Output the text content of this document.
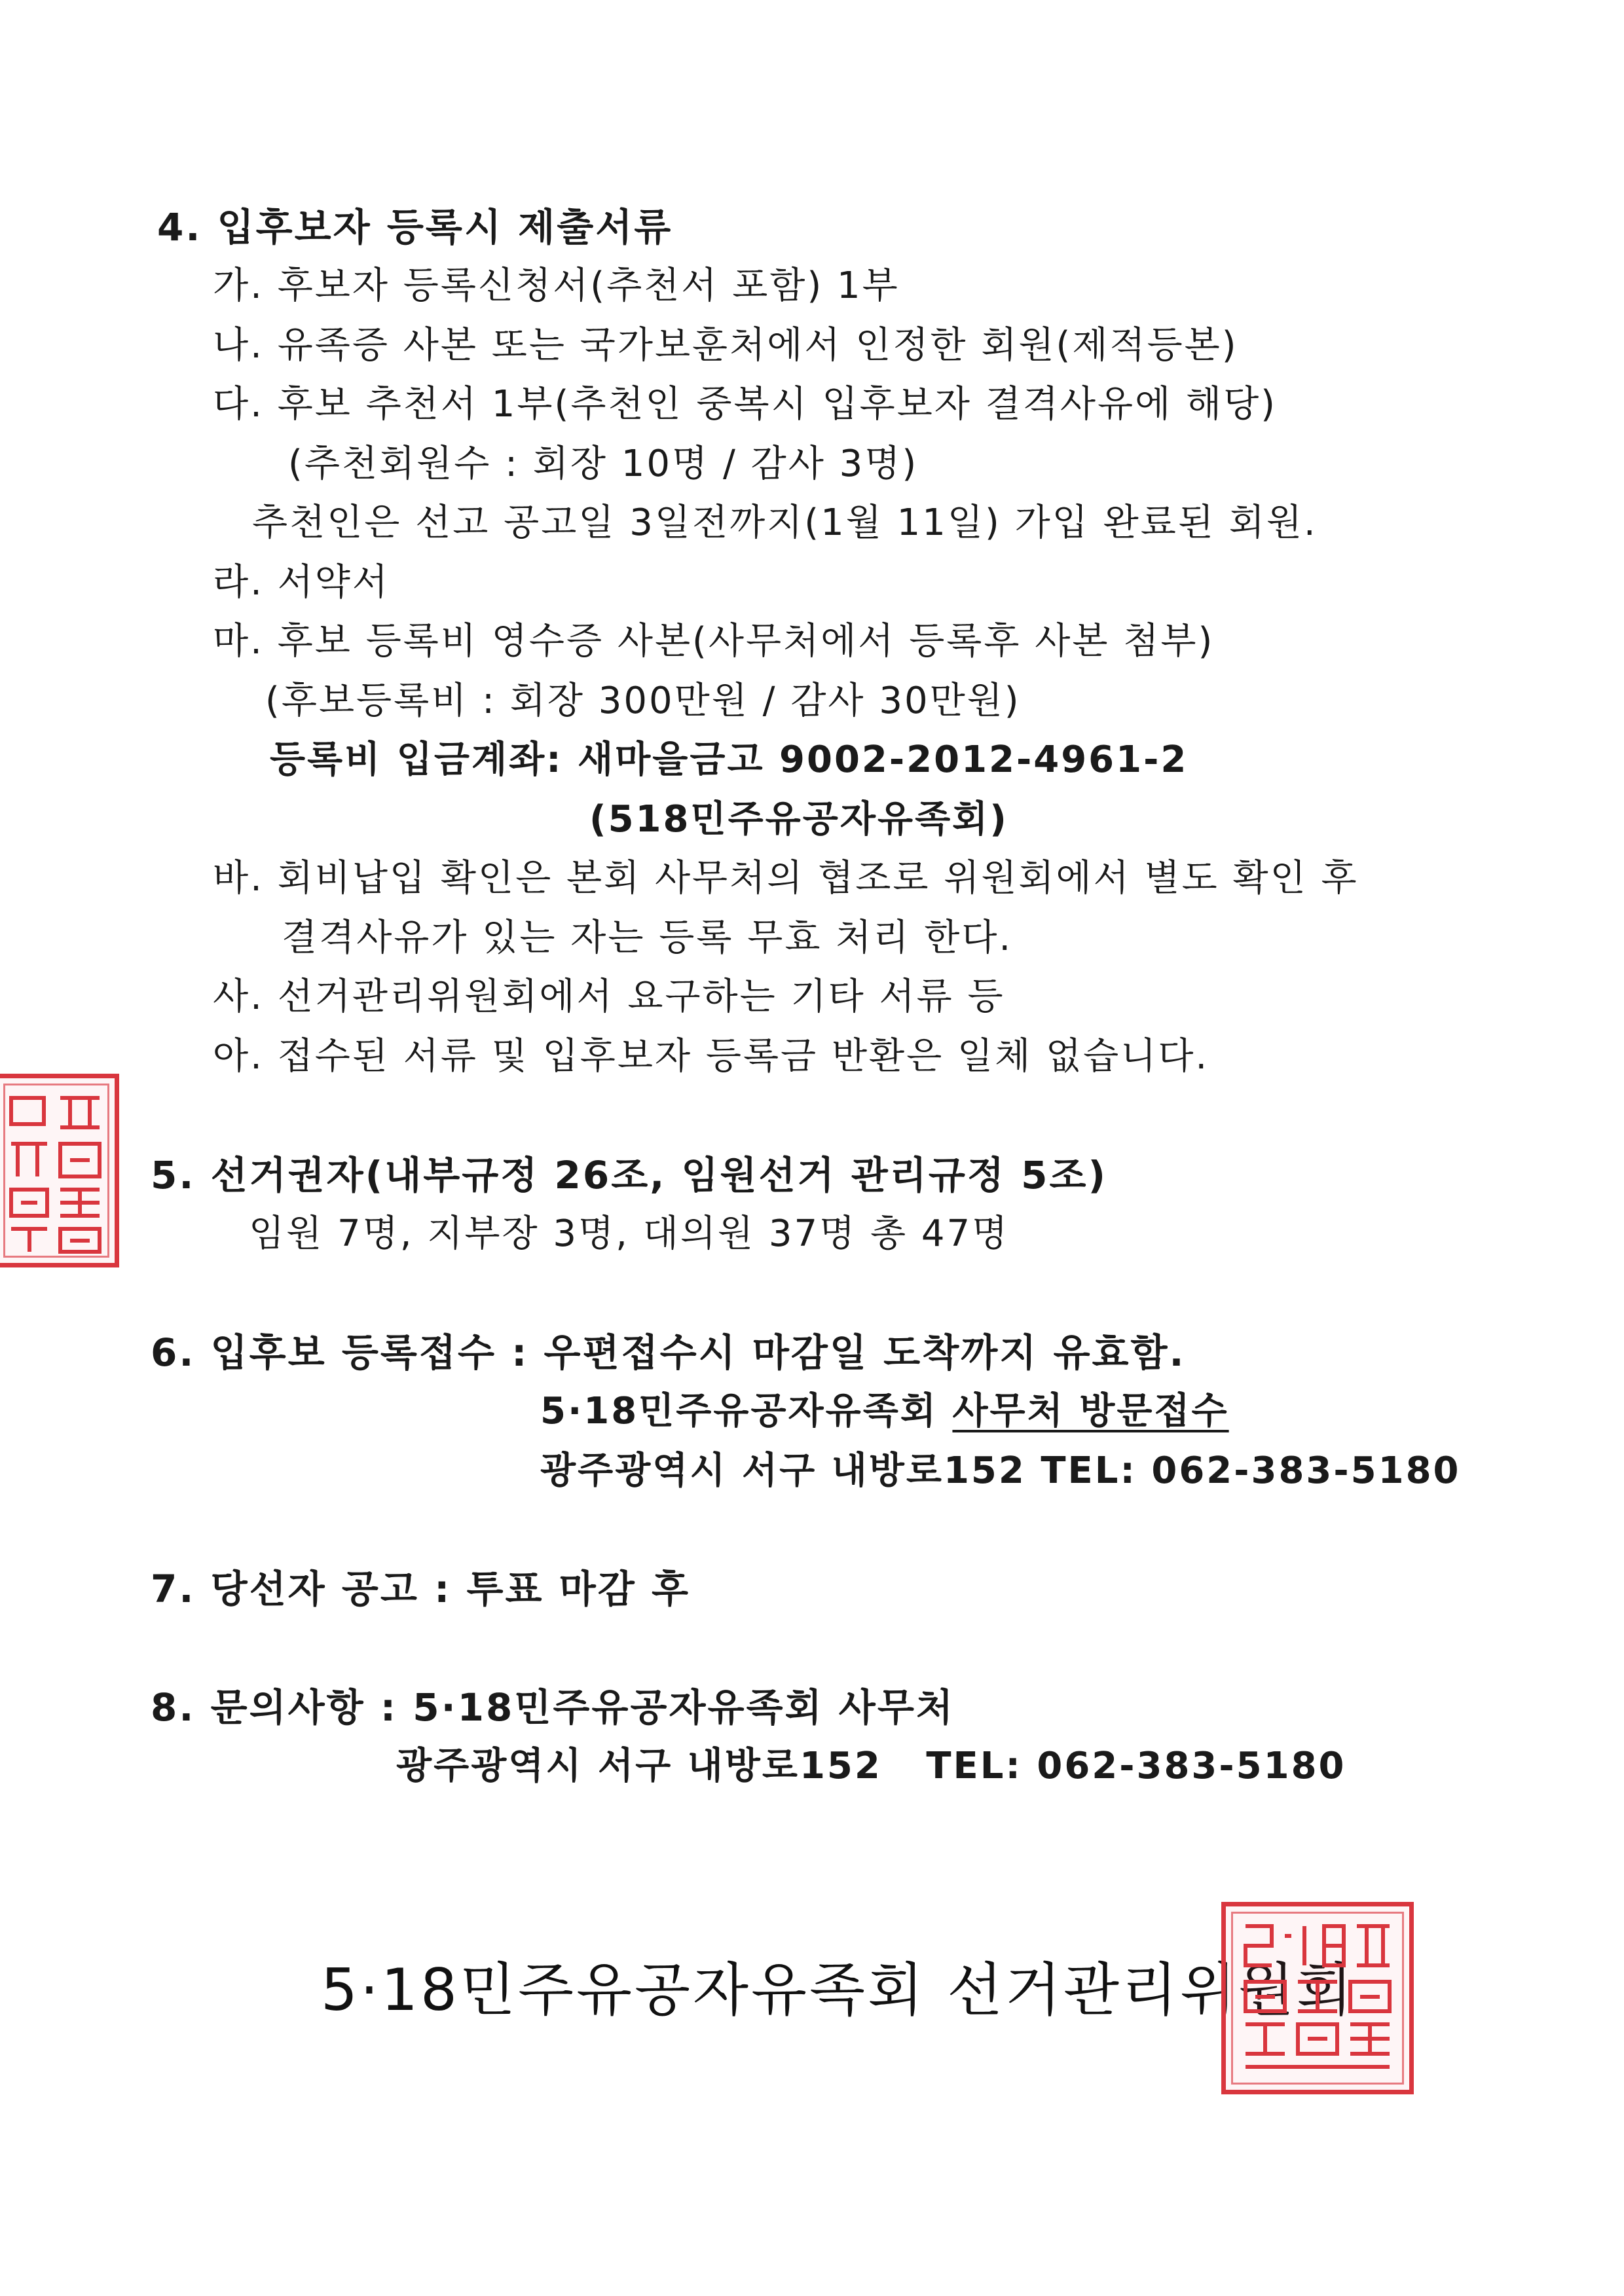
4. 입후보자 등록시 제출서류
가. 후보자 등록신청서(추천서 포함) 1부
나. 유족증 사본 또는 국가보훈처에서 인정한 회원(제적등본)
다. 후보 추천서 1부(추천인 중복시 입후보자 결격사유에 해당)
(추천회원수 : 회장 10명 / 감사 3명)
추천인은 선고 공고일 3일전까지(1월 11일) 가입 완료된 회원.
라. 서약서
마. 후보 등록비 영수증 사본(사무처에서 등록후 사본 첨부)
(후보등록비 : 회장 300만원 / 감사 30만원)
등록비 입금계좌: 새마을금고 9002-2012-4961-2
(518민주유공자유족회)
바. 회비납입 확인은 본회 사무처의 협조로 위원회에서 별도 확인 후
결격사유가 있는 자는 등록 무효 처리 한다.
사. 선거관리위원회에서 요구하는 기타 서류 등
아. 접수된 서류 및 입후보자 등록금 반환은 일체 없습니다.
5. 선거권자(내부규정 26조, 임원선거 관리규정 5조)
임원 7명, 지부장 3명, 대의원 37명 총 47명
6. 입후보 등록접수 : 우편접수시 마감일 도착까지 유효함.
5·18민주유공자유족회 사무처 방문접수
광주광역시 서구 내방로152 TEL: 062-383-5180
7. 당선자 공고 : 투표 마감 후
8. 문의사항 : 5·18민주유공자유족회 사무처
광주광역시 서구 내방로152   TEL: 062-383-5180
5·18민주유공자유족회 선거관리위원회
